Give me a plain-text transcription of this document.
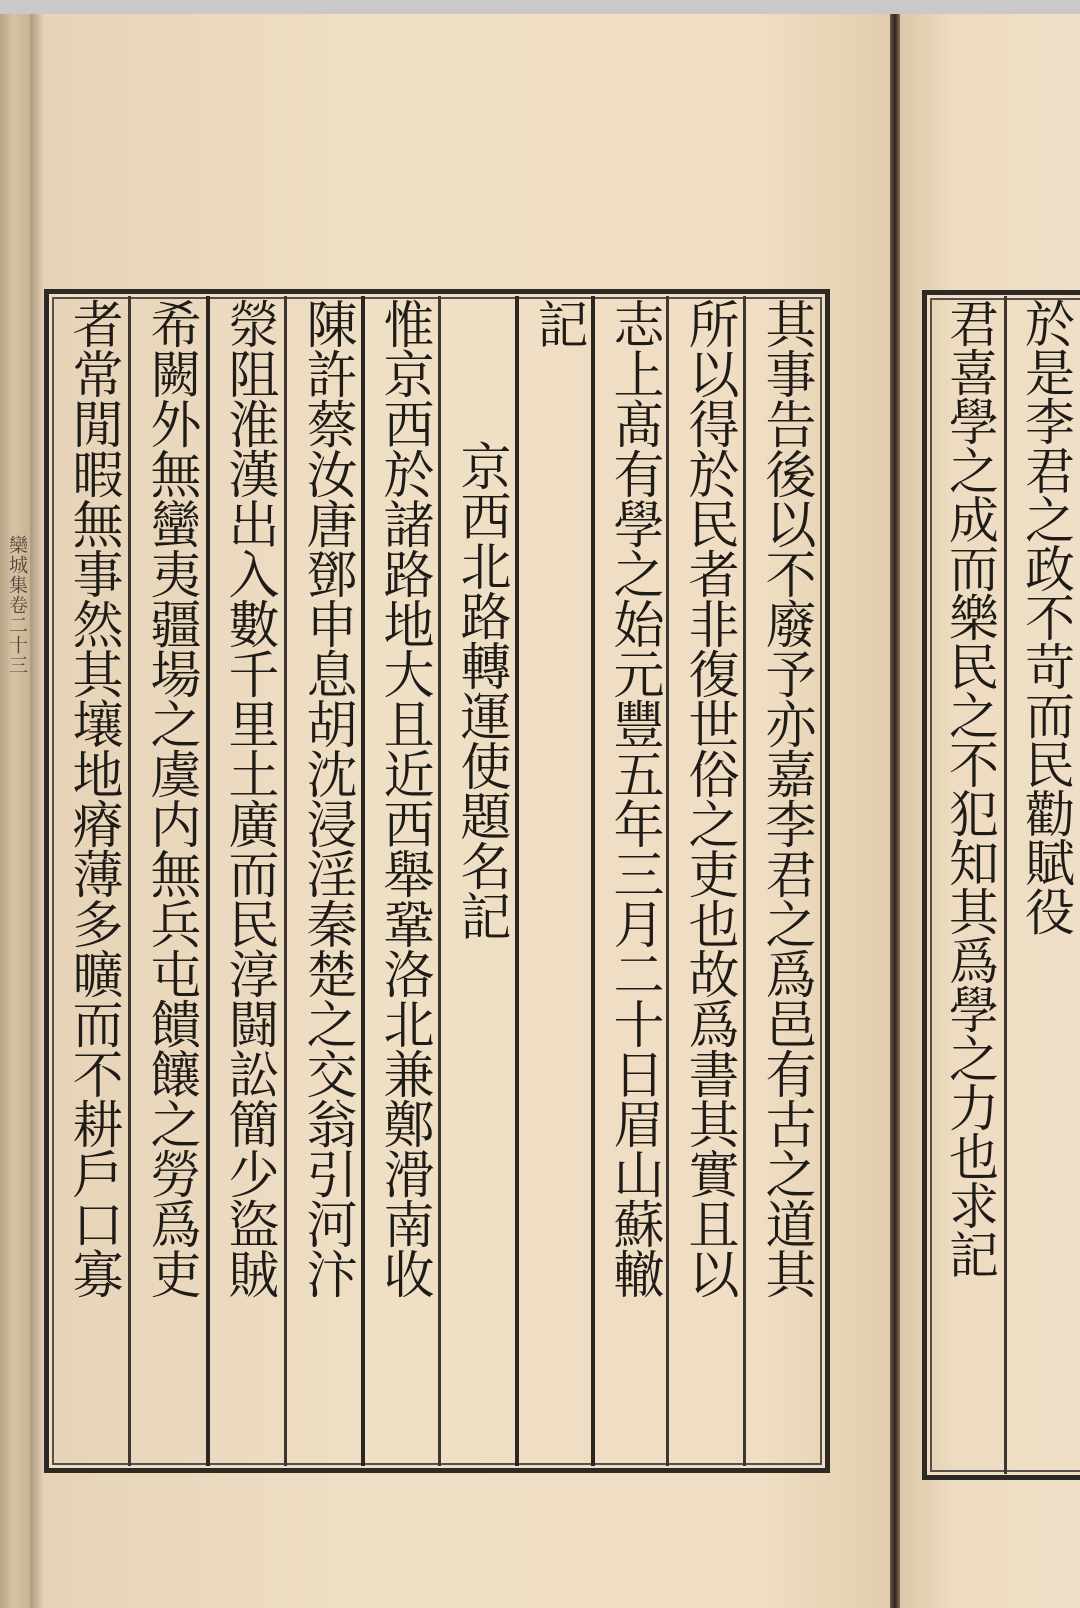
欒城集卷二十三	其事告後以不廢予亦嘉李君之爲邑有古之道其
所以得於民者非復世俗之吏也故爲書其實且以
志上髙有學之始元豐五年三月二十日眉山蘇轍
記
京西北路轉運使題名記
惟京西於諸路地大且近西舉鞏洛北兼鄭滑南收
陳許蔡汝唐鄧申息胡沈浸淫秦楚之交翁引河汴
滎阻淮漢出入數千里土廣而民淳闘訟簡少盜賊
希闕外無蠻夷疆場之虞内無兵屯饋饟之勞爲吏
者常閒暇無事然其壤地瘠薄多曠而不耕戶口寡	於是李君之政不苛而民勸賦役
君喜學之成而樂民之不犯知其爲學之力也求記
